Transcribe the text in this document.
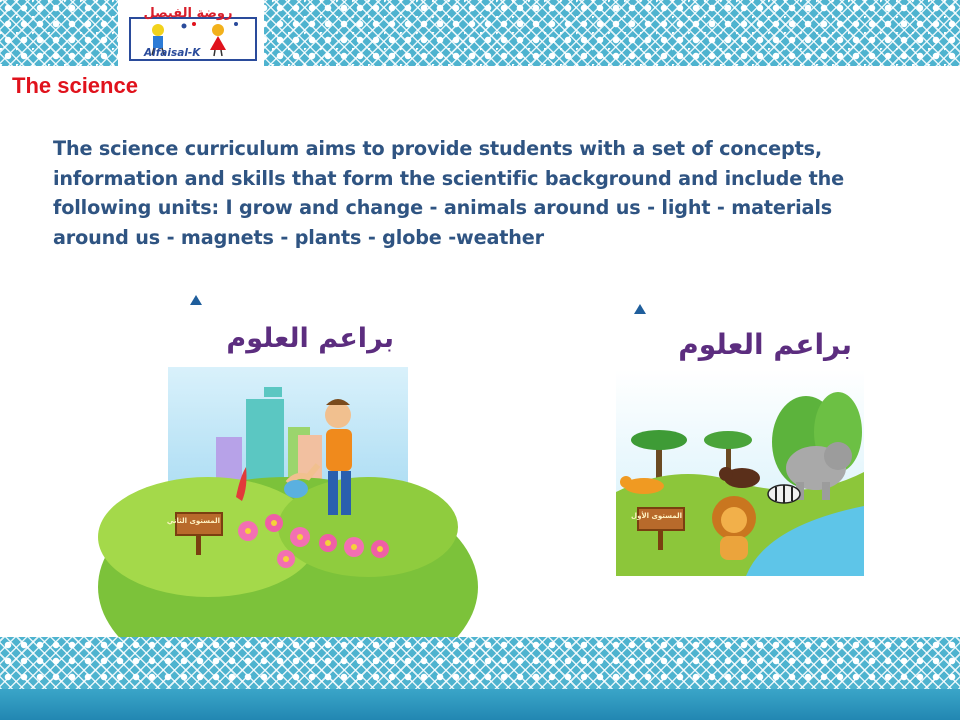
روضة الفيصل
Alfaisal-K
The science
The science curriculum aims to provide students with a set of concepts, information and skills that form the scientific background and include the following units: I grow and change - animals around us - light - materials around us - magnets - plants - globe -weather
براعم العلوم
المستوى الثاني
براعم العلوم
المستوى الأول
